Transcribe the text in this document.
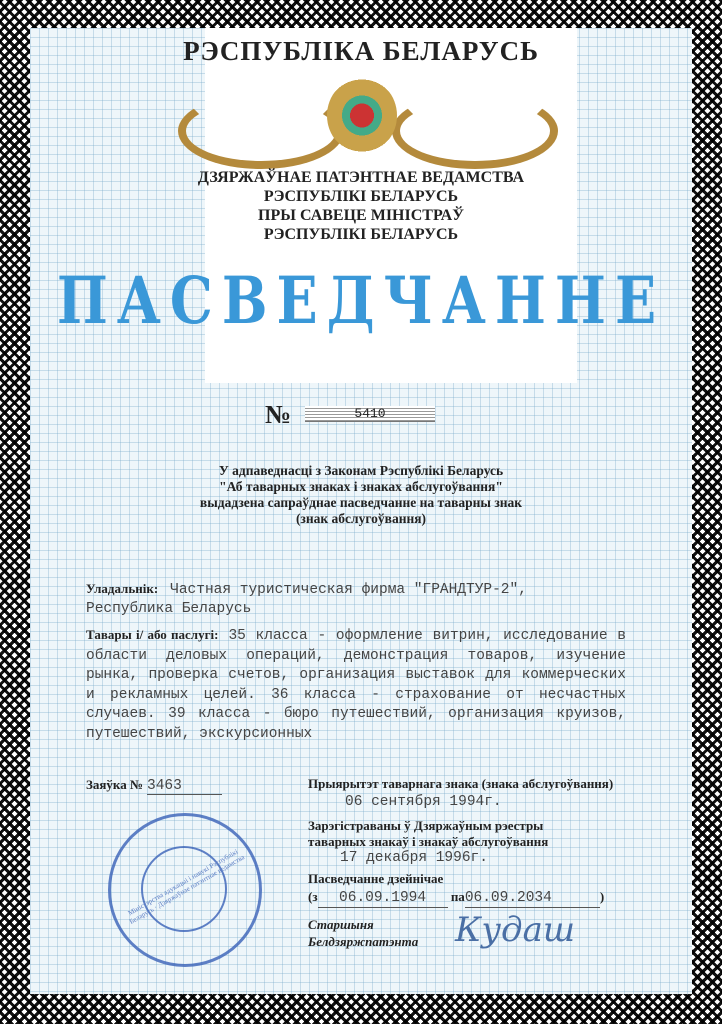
РЭСПУБЛІКА БЕЛАРУСЬ
ДЗЯРЖАЎНАЕ ПАТЭНТНАЕ ВЕДАМСТВА
РЭСПУБЛІКІ БЕЛАРУСЬ
ПРЫ САВЕЦЕ МІНІСТРАЎ
РЭСПУБЛІКІ БЕЛАРУСЬ
ПАСВЕДЧАННЕ
№	5410
У адпаведнасці з Законам Рэспублікі Беларусь
"Аб таварных знаках і знаках абслугоўвання"
выдадзена сапраўднае пасведчанне на таварны знак
(знак абслугоўвання)
Уладальнік: Частная туристическая фирма "ГРАНДТУР-2",
Республика Беларусь
Тавары і/ або паслугі: 35 класса - оформление витрин, исследование в области деловых операций, демонстрация товаров, изучение рынка, проверка счетов, организация выставок для коммерческих и рекламных целей. 36 класса - страхование от несчастных случаев. 39 класса - бюро путешествий, организация круизов, путешествий, экскурсионных
Заяўка № 3463	Прыярытэт таварнага знака (знака абслугоўвання)
06 сентября 1994г.
Зарэгістраваны ў Дзяржаўным рэестры
таварных знакаў і знакаў абслугоўвання
17 декабря 1996г.
Пасведчанне дзейнічае
(з 06.09.1994 па06.09.2034	)
Старшыня
Белдзяржпатэнта Кудаш
Міністэрства адукацыі і навукі Рэспублікі Беларусь · Дзяржаўнае патэнтнае ведамства
